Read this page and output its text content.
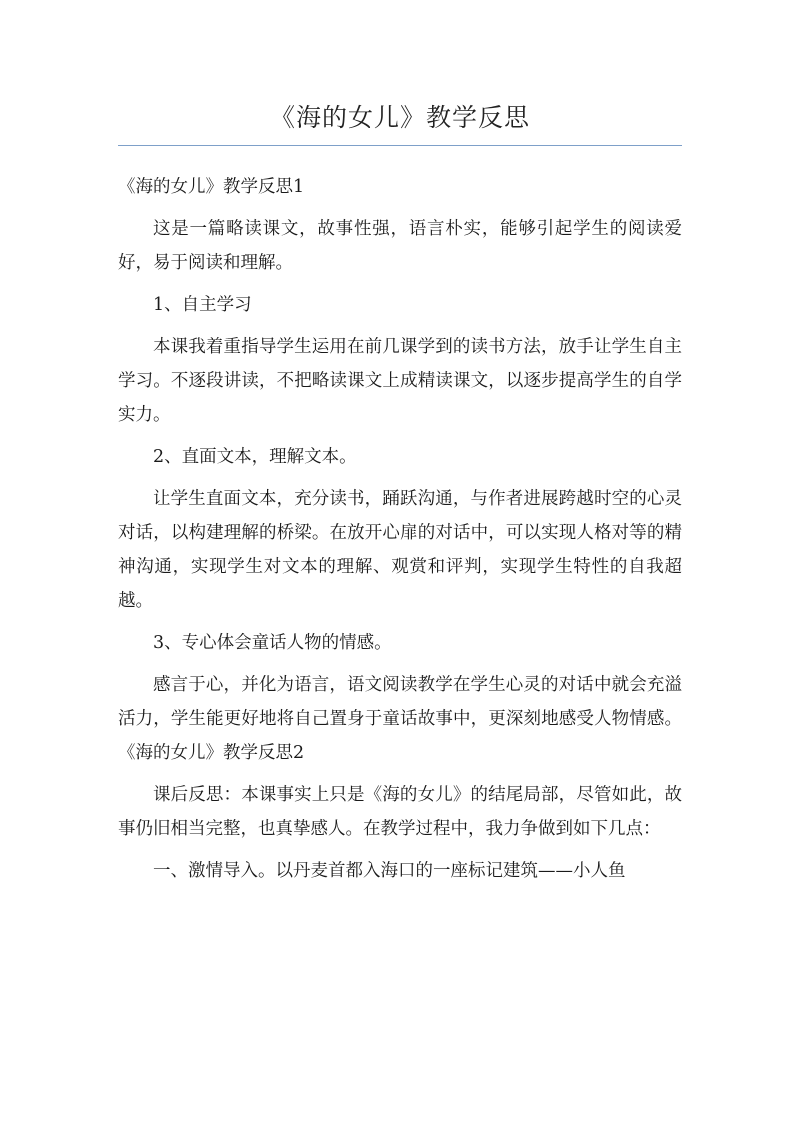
《海的女儿》教学反思

《海的女儿》教学反思1

这是一篇略读课文，故事性强，语言朴实，能够引起学生的阅读爱好，易于阅读和理解。

1、自主学习

本课我着重指导学生运用在前几课学到的读书方法，放手让学生自主学习。不逐段讲读，不把略读课文上成精读课文，以逐步提高学生的自学实力。

2、直面文本，理解文本。

让学生直面文本，充分读书，踊跃沟通，与作者进展跨越时空的心灵对话，以构建理解的桥梁。在放开心扉的对话中，可以实现人格对等的精神沟通，实现学生对文本的理解、观赏和评判，实现学生特性的自我超越。

3、专心体会童话人物的情感。

感言于心，并化为语言，语文阅读教学在学生心灵的对话中就会充溢活力，学生能更好地将自己置身于童话故事中，更深刻地感受人物情感。《海的女儿》教学反思2

课后反思：本课事实上只是《海的女儿》的结尾局部，尽管如此，故事仍旧相当完整，也真挚感人。在教学过程中，我力争做到如下几点：

一、激情导入。以丹麦首都入海口的一座标记建筑——小人鱼
